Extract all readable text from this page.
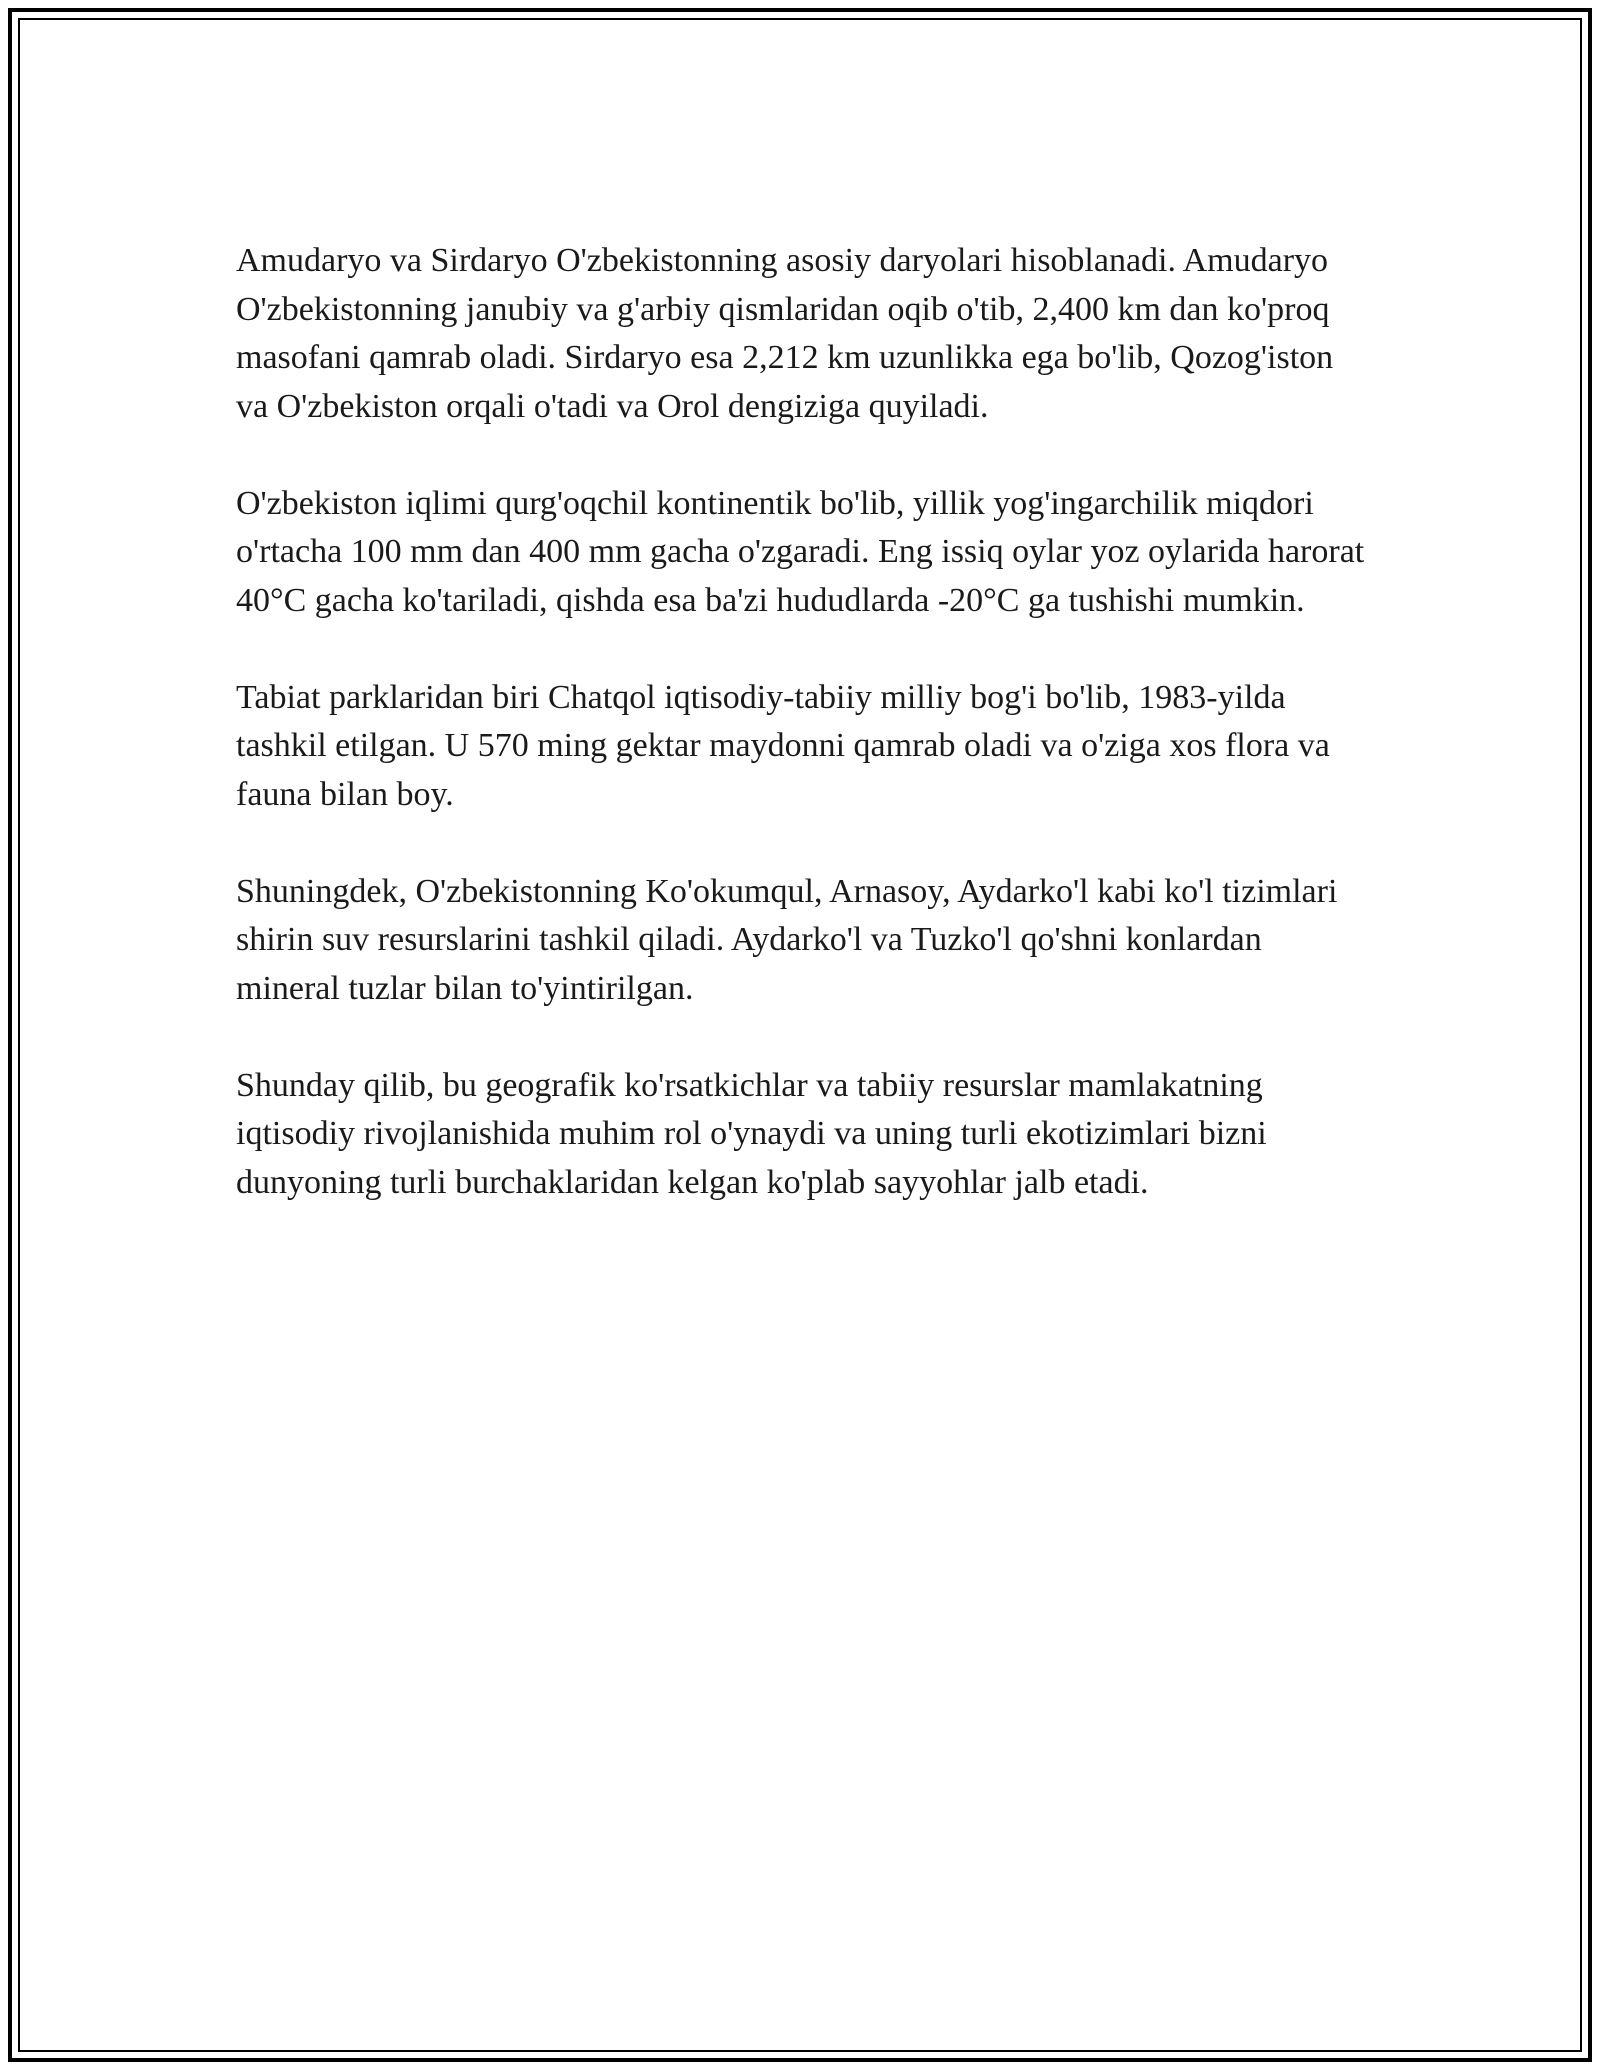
Amudaryo va Sirdaryo O'zbekistonning asosiy daryolari hisoblanadi. Amudaryo O'zbekistonning janubiy va g'arbiy qismlaridan oqib o'tib, 2,400 km dan ko'proq masofani qamrab oladi. Sirdaryo esa 2,212 km uzunlikka ega bo'lib, Qozog'iston va O'zbekiston orqali o'tadi va Orol dengiziga quyiladi.

O'zbekiston iqlimi qurg'oqchil kontinentik bo'lib, yillik yog'ingarchilik miqdori o'rtacha 100 mm dan 400 mm gacha o'zgaradi. Eng issiq oylar yoz oylarida harorat 40°C gacha ko'tariladi, qishda esa ba'zi hududlarda -20°C ga tushishi mumkin.

Tabiat parklaridan biri Chatqol iqtisodiy-tabiiy milliy bog'i bo'lib, 1983-yilda tashkil etilgan. U 570 ming gektar maydonni qamrab oladi va o'ziga xos flora va fauna bilan boy.

Shuningdek, O'zbekistonning Ko'okumqul, Arnasoy, Aydarko'l kabi ko'l tizimlari shirin suv resurslarini tashkil qiladi. Aydarko'l va Tuzko'l qo'shni konlardan mineral tuzlar bilan to'yintirilgan.

Shunday qilib, bu geografik ko'rsatkichlar va tabiiy resurslar mamlakatning iqtisodiy rivojlanishida muhim rol o'ynaydi va uning turli ekotizimlari bizni dunyoning turli burchaklaridan kelgan ko'plab sayyohlar jalb etadi.
